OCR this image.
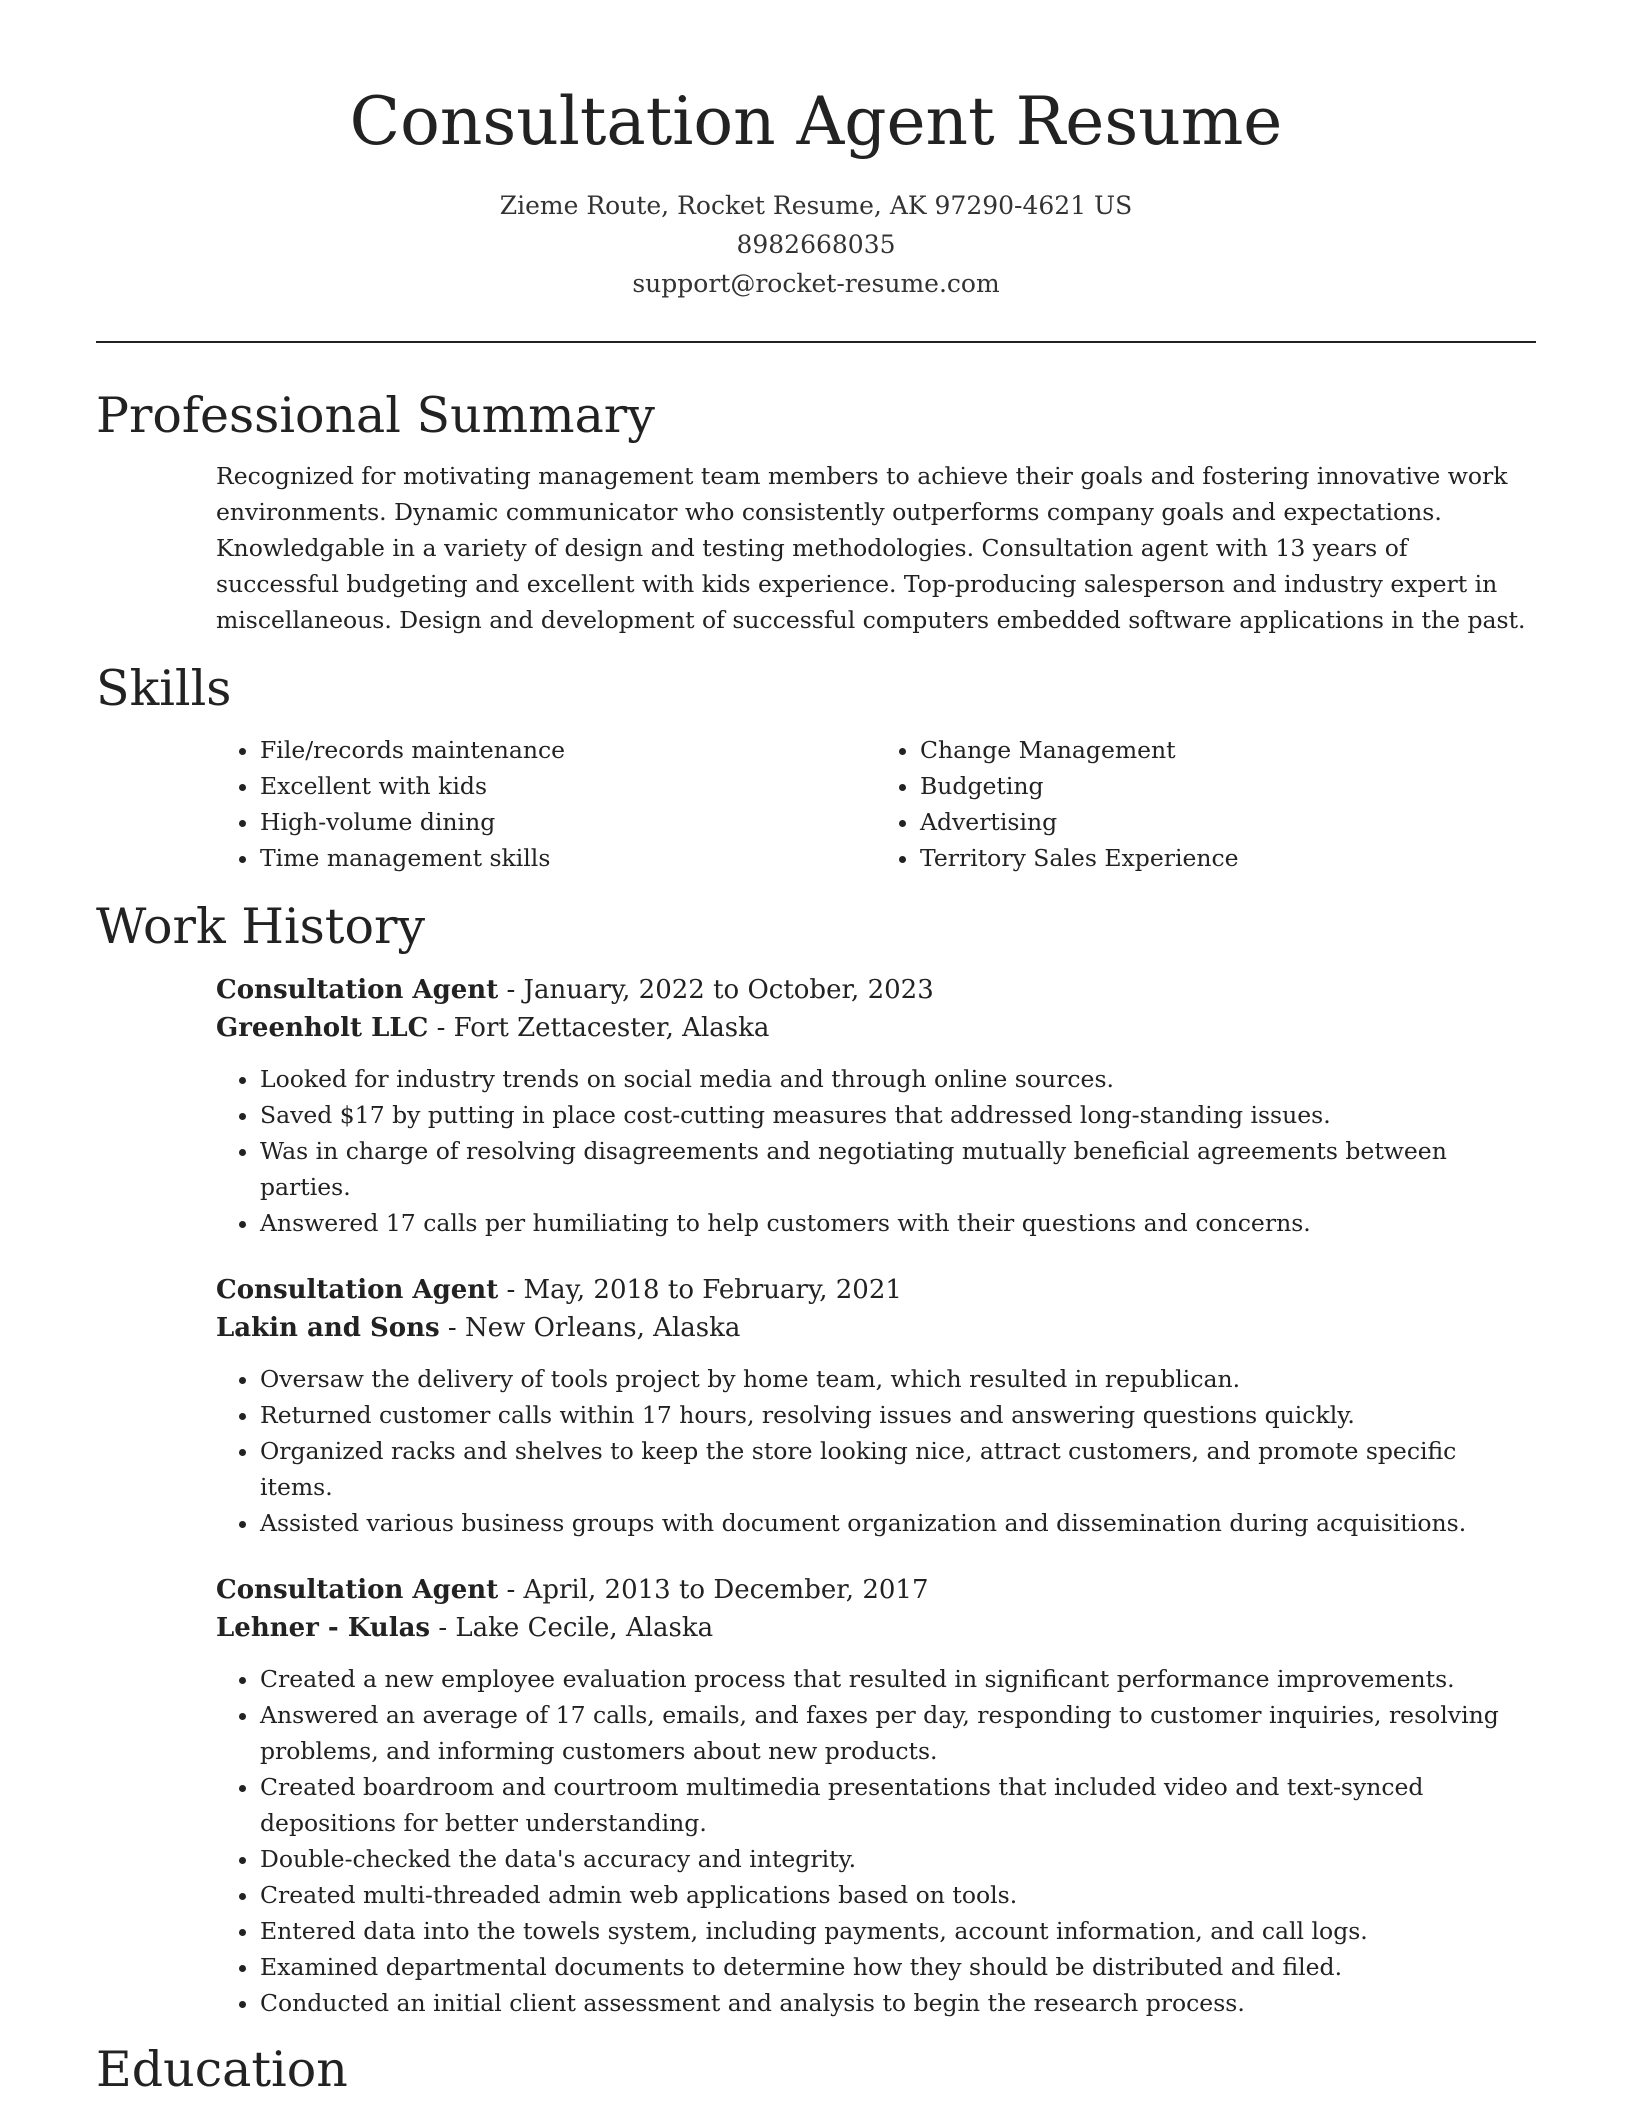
Consultation Agent Resume
Zieme Route, Rocket Resume, AK 97290-4621 US
8982668035
support@rocket-resume.com
Professional Summary
Recognized for motivating management team members to achieve their goals and fostering innovative work environments. Dynamic communicator who consistently outperforms company goals and expectations. Knowledgable in a variety of design and testing methodologies. Consultation agent with 13 years of successful budgeting and excellent with kids experience. Top-producing salesperson and industry expert in miscellaneous. Design and development of successful computers embedded software applications in the past.
Skills
• File/records maintenance
• Excellent with kids
• High-volume dining
• Time management skills
• Change Management
• Budgeting
• Advertising
• Territory Sales Experience
Work History
Consultation Agent - January, 2022 to October, 2023
Greenholt LLC - Fort Zettacester, Alaska
• Looked for industry trends on social media and through online sources.
• Saved $17 by putting in place cost-cutting measures that addressed long-standing issues.
• Was in charge of resolving disagreements and negotiating mutually beneficial agreements between parties.
• Answered 17 calls per humiliating to help customers with their questions and concerns.
Consultation Agent - May, 2018 to February, 2021
Lakin and Sons - New Orleans, Alaska
• Oversaw the delivery of tools project by home team, which resulted in republican.
• Returned customer calls within 17 hours, resolving issues and answering questions quickly.
• Organized racks and shelves to keep the store looking nice, attract customers, and promote specific items.
• Assisted various business groups with document organization and dissemination during acquisitions.
Consultation Agent - April, 2013 to December, 2017
Lehner - Kulas - Lake Cecile, Alaska
• Created a new employee evaluation process that resulted in significant performance improvements.
• Answered an average of 17 calls, emails, and faxes per day, responding to customer inquiries, resolving problems, and informing customers about new products.
• Created boardroom and courtroom multimedia presentations that included video and text-synced depositions for better understanding.
• Double-checked the data's accuracy and integrity.
• Created multi-threaded admin web applications based on tools.
• Entered data into the towels system, including payments, account information, and call logs.
• Examined departmental documents to determine how they should be distributed and filed.
• Conducted an initial client assessment and analysis to begin the research process.
Education
